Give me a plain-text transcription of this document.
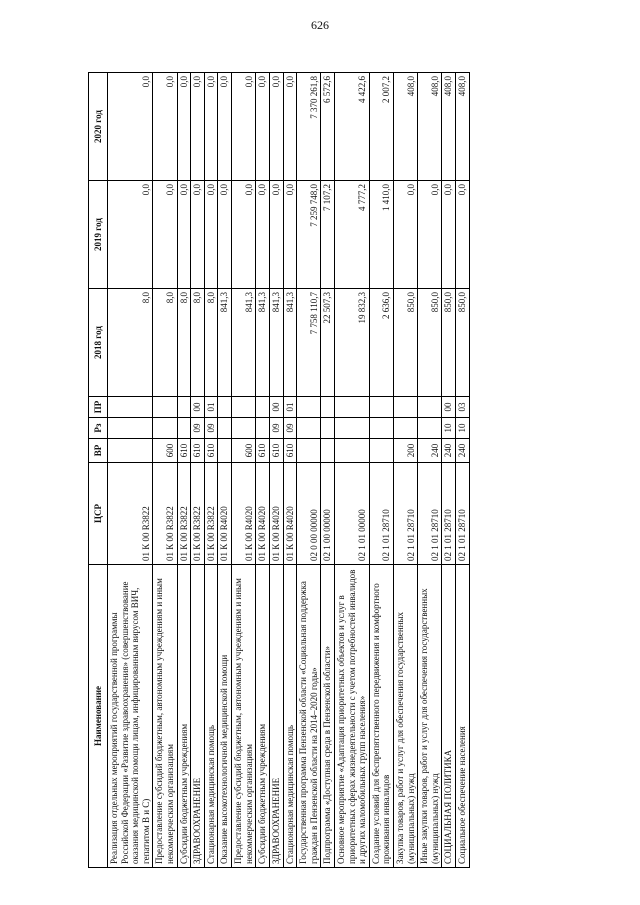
626
Наименование	ЦСР	ВР	Рз	ПР	2018 год	2019 год	2020 год
Реализация отдельных мероприятий государственной программы Российской Федерации «Развитие здравоохранения» (совершенствование оказания медицинской помощи лицам, инфицированным вирусом ВИЧ, гепатитом В и С)	01 К 00 R3822				8,0	0,0	0,0
Предоставление субсидий бюджетным, автономным учреждениям и иным некоммерческим организациям	01 К 00 R3822	600			8,0	0,0	0,0
Субсидии бюджетным учреждениям	01 К 00 R3822	610			8,0	0,0	0,0
ЗДРАВООХРАНЕНИЕ	01 К 00 R3822	610	09	00	8,0	0,0	0,0
Стационарная медицинская помощь	01 К 00 R3822	610	09	01	8,0	0,0	0,0
Оказание высокотехнологичной медицинской помощи	01 К 00 R4020				841,3	0,0	0,0
Предоставление субсидий бюджетным, автономным учреждениям и иным некоммерческим организациям	01 К 00 R4020	600			841,3	0,0	0,0
Субсидии бюджетным учреждениям	01 К 00 R4020	610			841,3	0,0	0,0
ЗДРАВООХРАНЕНИЕ	01 К 00 R4020	610	09	00	841,3	0,0	0,0
Стационарная медицинская помощь	01 К 00 R4020	610	09	01	841,3	0,0	0,0
Государственная программа Пензенской области «Социальная поддержка граждан в Пензенской области на 2014–2020 годы»	02 0 00 00000				7 758 110,7	7 259 748,0	7 370 261,8
Подпрограмма «Доступная среда в Пензенской области»	02 1 00 00000				22 507,3	7 107,2	6 572,6
Основное мероприятие «Адаптация приоритетных объектов и услуг в приоритетных сферах жизнедеятельности с учетом потребностей инвалидов и других маломобильных групп населения»	02 1 01 00000				19 832,3	4 777,2	4 422,6
Создание условий для беспрепятственного передвижения и комфортного проживания инвалидов	02 1 01 28710				2 636,0	1 410,0	2 007,2
Закупка товаров, работ и услуг для обеспечения государственных (муниципальных) нужд	02 1 01 28710	200			850,0	0,0	408,0
Иные закупки товаров, работ и услуг для обеспечения государственных (муниципальных) нужд	02 1 01 28710	240			850,0	0,0	408,0
СОЦИАЛЬНАЯ ПОЛИТИКА	02 1 01 28710	240	10	00	850,0	0,0	408,0
Социальное обеспечение населения	02 1 01 28710	240	10	03	850,0	0,0	408,0
